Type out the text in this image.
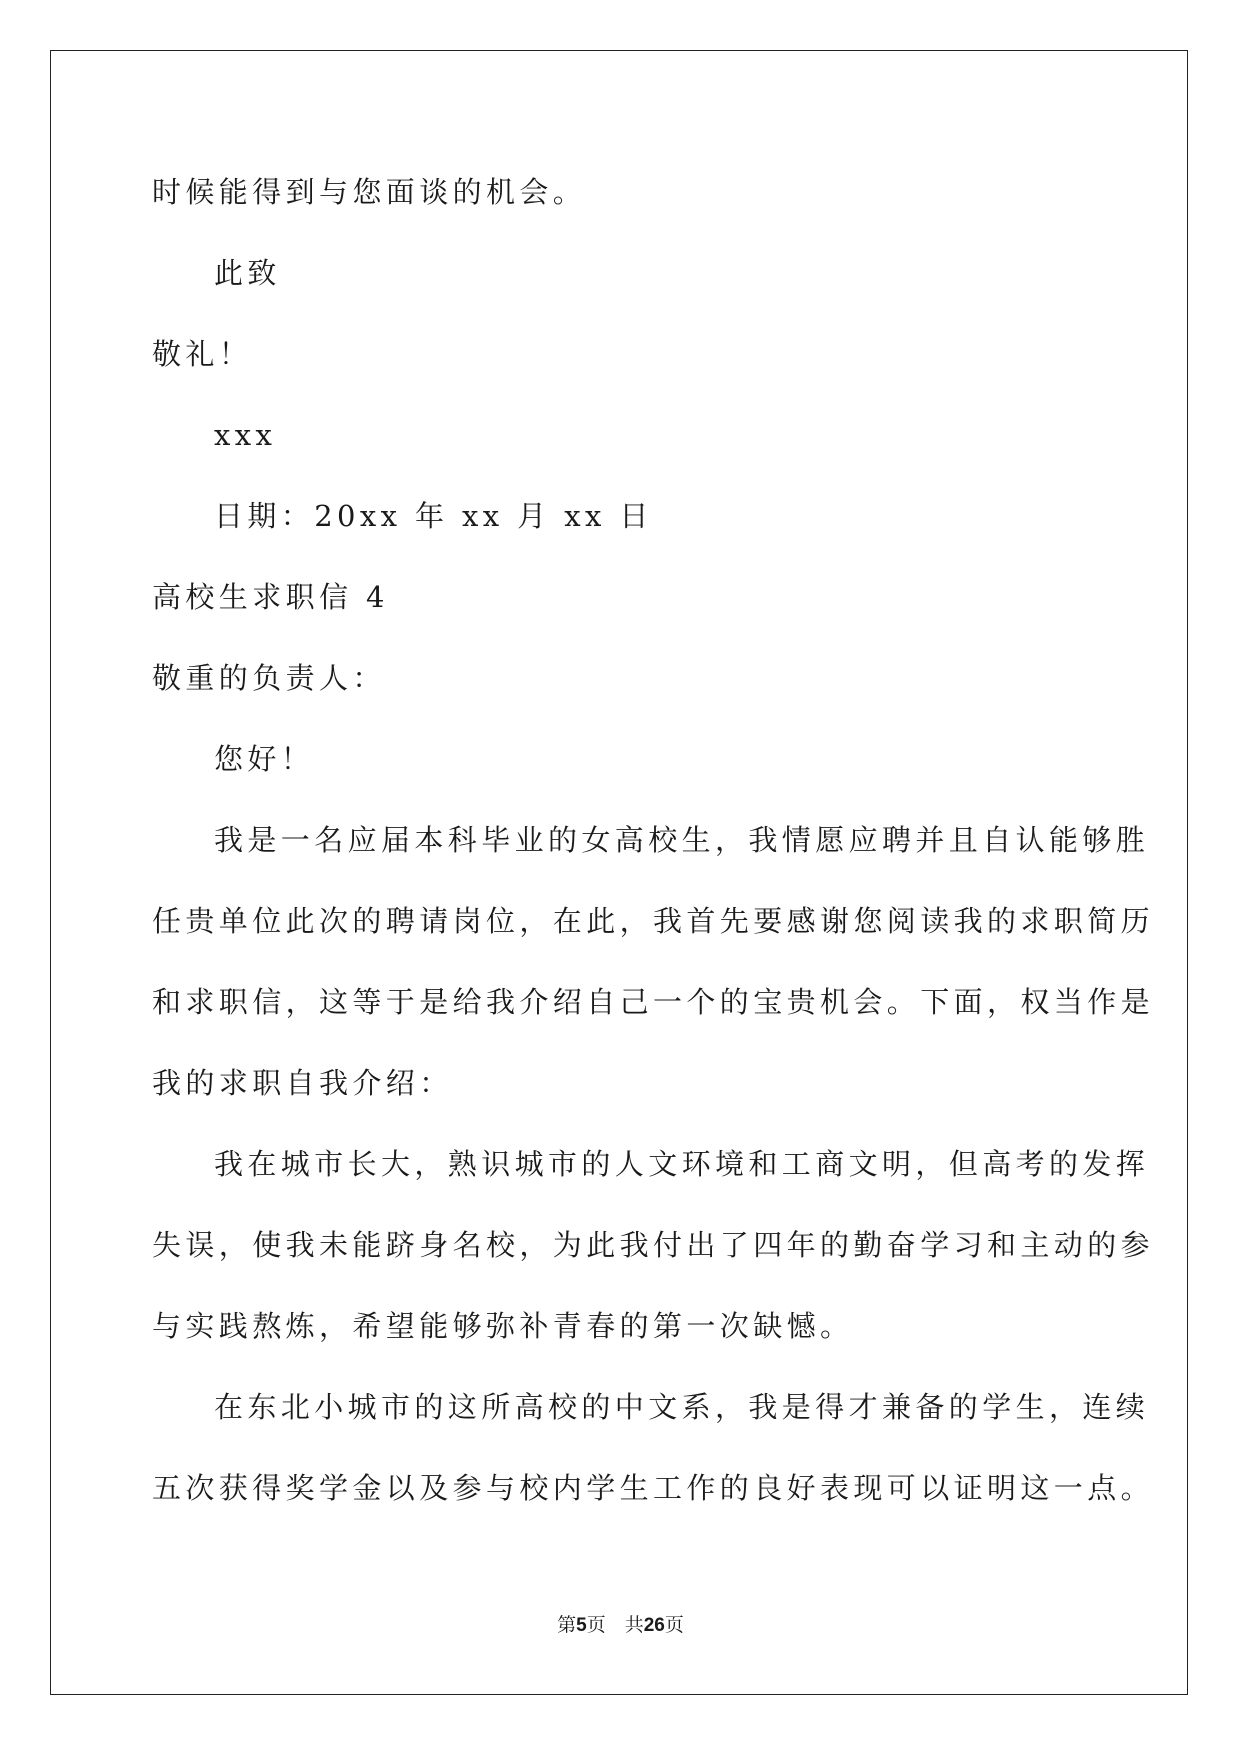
时候能得到与您面谈的机会。
此致
敬礼！
xxx
日期：20xx 年 xx 月 xx 日
高校生求职信 4
敬重的负责人：
您好！
我是一名应届本科毕业的女高校生，我情愿应聘并且自认能够胜
任贵单位此次的聘请岗位，在此，我首先要感谢您阅读我的求职简历
和求职信，这等于是给我介绍自己一个的宝贵机会。下面，权当作是
我的求职自我介绍：
我在城市长大，熟识城市的人文环境和工商文明，但高考的发挥
失误，使我未能跻身名校，为此我付出了四年的勤奋学习和主动的参
与实践熬炼，希望能够弥补青春的第一次缺憾。
在东北小城市的这所高校的中文系，我是得才兼备的学生，连续
五次获得奖学金以及参与校内学生工作的良好表现可以证明这一点。
第5页　共26页
